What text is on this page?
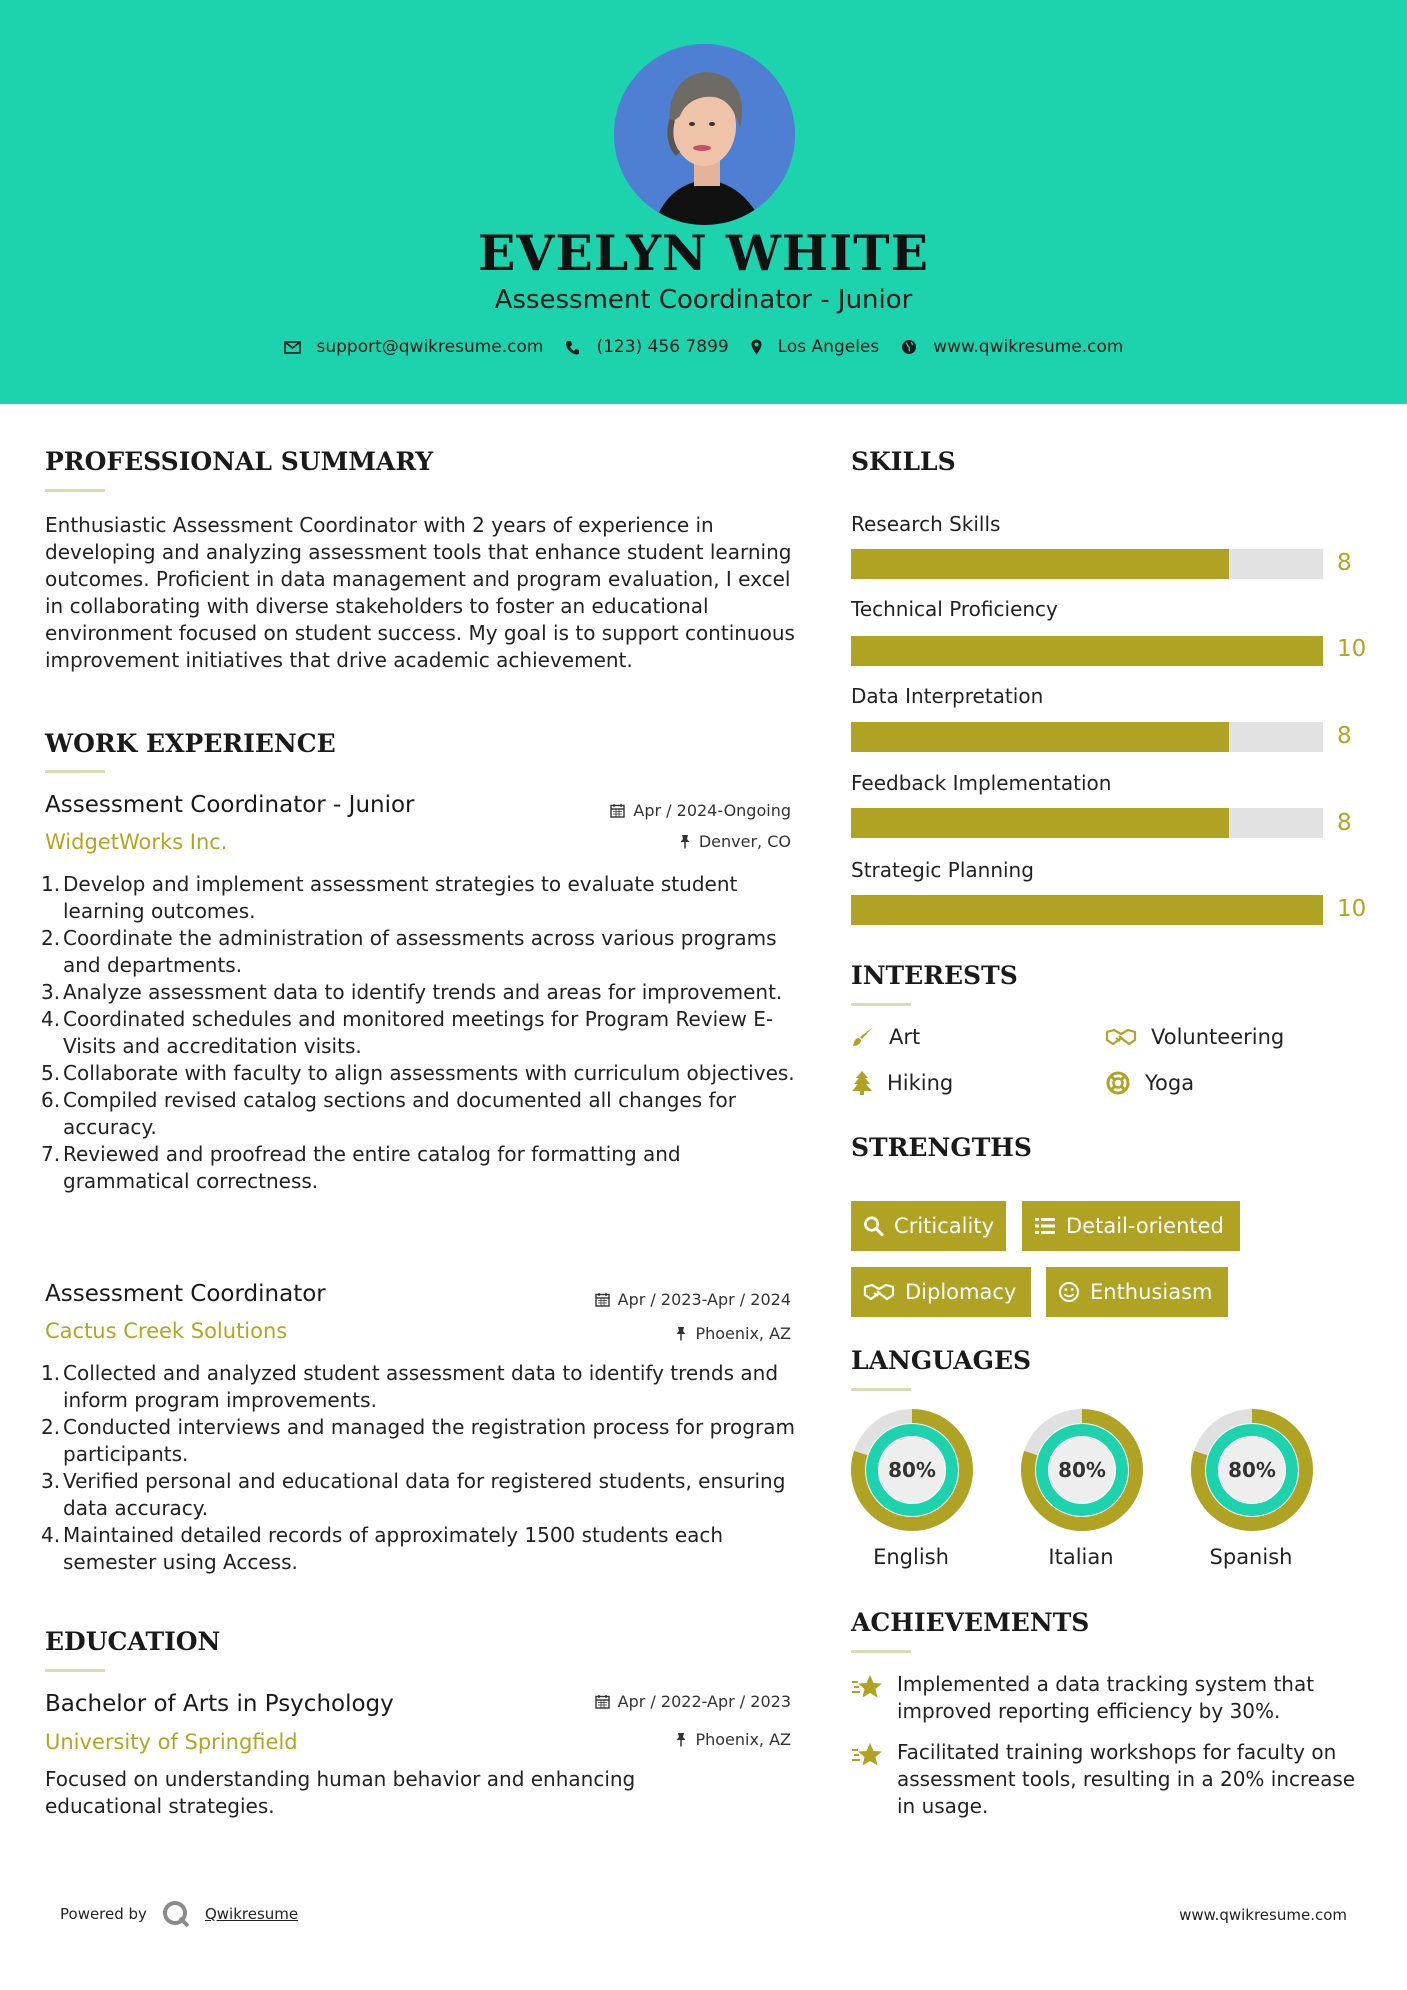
EVELYN WHITE
Assessment Coordinator - Junior
support@qwikresume.com	(123) 456 7899	Los Angeles	www.qwikresume.com
PROFESSIONAL SUMMARY
Enthusiastic Assessment Coordinator with 2 years of experience in developing and analyzing assessment tools that enhance student learning outcomes. Proficient in data management and program evaluation, I excel in collaborating with diverse stakeholders to foster an educational environment focused on student success. My goal is to support continuous improvement initiatives that drive academic achievement.
WORK EXPERIENCE
Assessment Coordinator - Junior	Apr / 2024-Ongoing
WidgetWorks Inc.	Denver, CO
1. Develop and implement assessment strategies to evaluate student learning outcomes.
2. Coordinate the administration of assessments across various programs and departments.
3. Analyze assessment data to identify trends and areas for improvement.
4. Coordinated schedules and monitored meetings for Program Review E-Visits and accreditation visits.
5. Collaborate with faculty to align assessments with curriculum objectives.
6. Compiled revised catalog sections and documented all changes for accuracy.
7. Reviewed and proofread the entire catalog for formatting and grammatical correctness.
Assessment Coordinator	Apr / 2023-Apr / 2024
Cactus Creek Solutions	Phoenix, AZ
1. Collected and analyzed student assessment data to identify trends and inform program improvements.
2. Conducted interviews and managed the registration process for program participants.
3. Verified personal and educational data for registered students, ensuring data accuracy.
4. Maintained detailed records of approximately 1500 students each semester using Access.
EDUCATION
Bachelor of Arts in Psychology	Apr / 2022-Apr / 2023
University of Springfield	Phoenix, AZ
Focused on understanding human behavior and enhancing educational strategies.
SKILLS
Research Skills
8
Technical Proficiency
10
Data Interpretation
8
Feedback Implementation
8
Strategic Planning
10
INTERESTS
Art	Volunteering
Hiking	Yoga
STRENGTHS
Criticality	Detail-oriented
Diplomacy	Enthusiasm
LANGUAGES
80%
English
80%
Italian
80%
Spanish
ACHIEVEMENTS
Implemented a data tracking system that improved reporting efficiency by 30%.
Facilitated training workshops for faculty on assessment tools, resulting in a 20% increase in usage.
Powered by	Qwikresume	www.qwikresume.com
